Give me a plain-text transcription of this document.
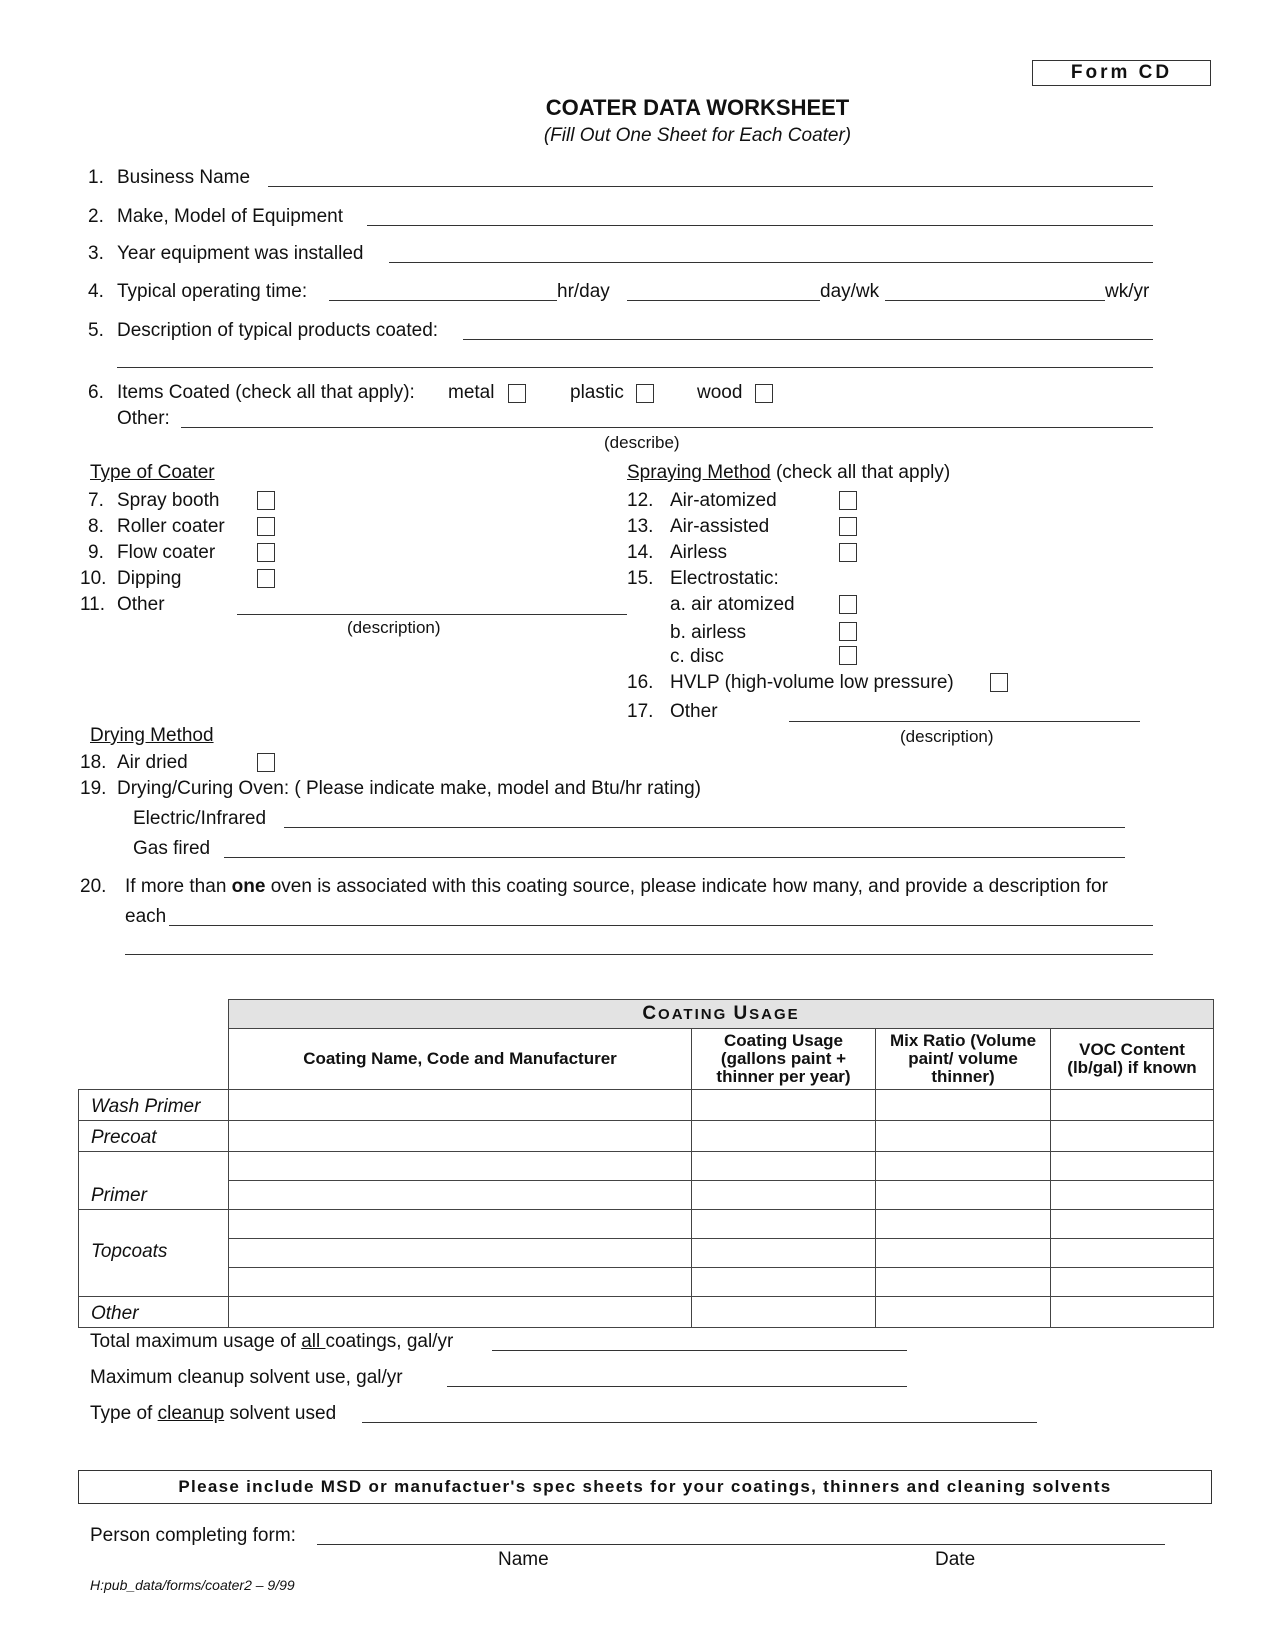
Form CD
COATER DATA WORKSHEET
(Fill Out One Sheet for Each Coater)
1. Business Name
2. Make, Model of Equipment
3. Year equipment was installed
4. Typical operating time:	hr/day	day/wk	wk/yr
5. Description of typical products coated:
6. Items Coated (check all that apply): metal	plastic	wood
Other:
(describe)
Type of Coater
7. Spray booth
8. Roller coater
9. Flow coater
10. Dipping
11. Other
(description)
Spraying Method (check all that apply)
12. Air-atomized
13. Air-assisted
14. Airless
15. Electrostatic:
a. air atomized
b. airless
c. disc
16. HVLP (high-volume low pressure)
17. Other
(description)
Drying Method
18. Air dried
19. Drying/Curing Oven: ( Please indicate make, model and Btu/hr rating)
Electric/Infrared
Gas fired
20. If more than one oven is associated with this coating source, please indicate how many, and provide a description for
each
	COATING USAGE			
	Coating Name, Code and Manufacturer	Coating Usage (gallons paint + thinner per year)	Mix Ratio (Volume paint/ volume thinner)	VOC Content (lb/gal) if known
Wash Primer				
Precoat				
Primer				

Topcoats				

Other				
Total maximum usage of all coatings, gal/yr
Maximum cleanup solvent use, gal/yr
Type of cleanup solvent used
Please include MSD or manufactuer's spec sheets for your coatings, thinners and cleaning solvents
Person completing form:
Name	Date
H:pub_data/forms/coater2 – 9/99
